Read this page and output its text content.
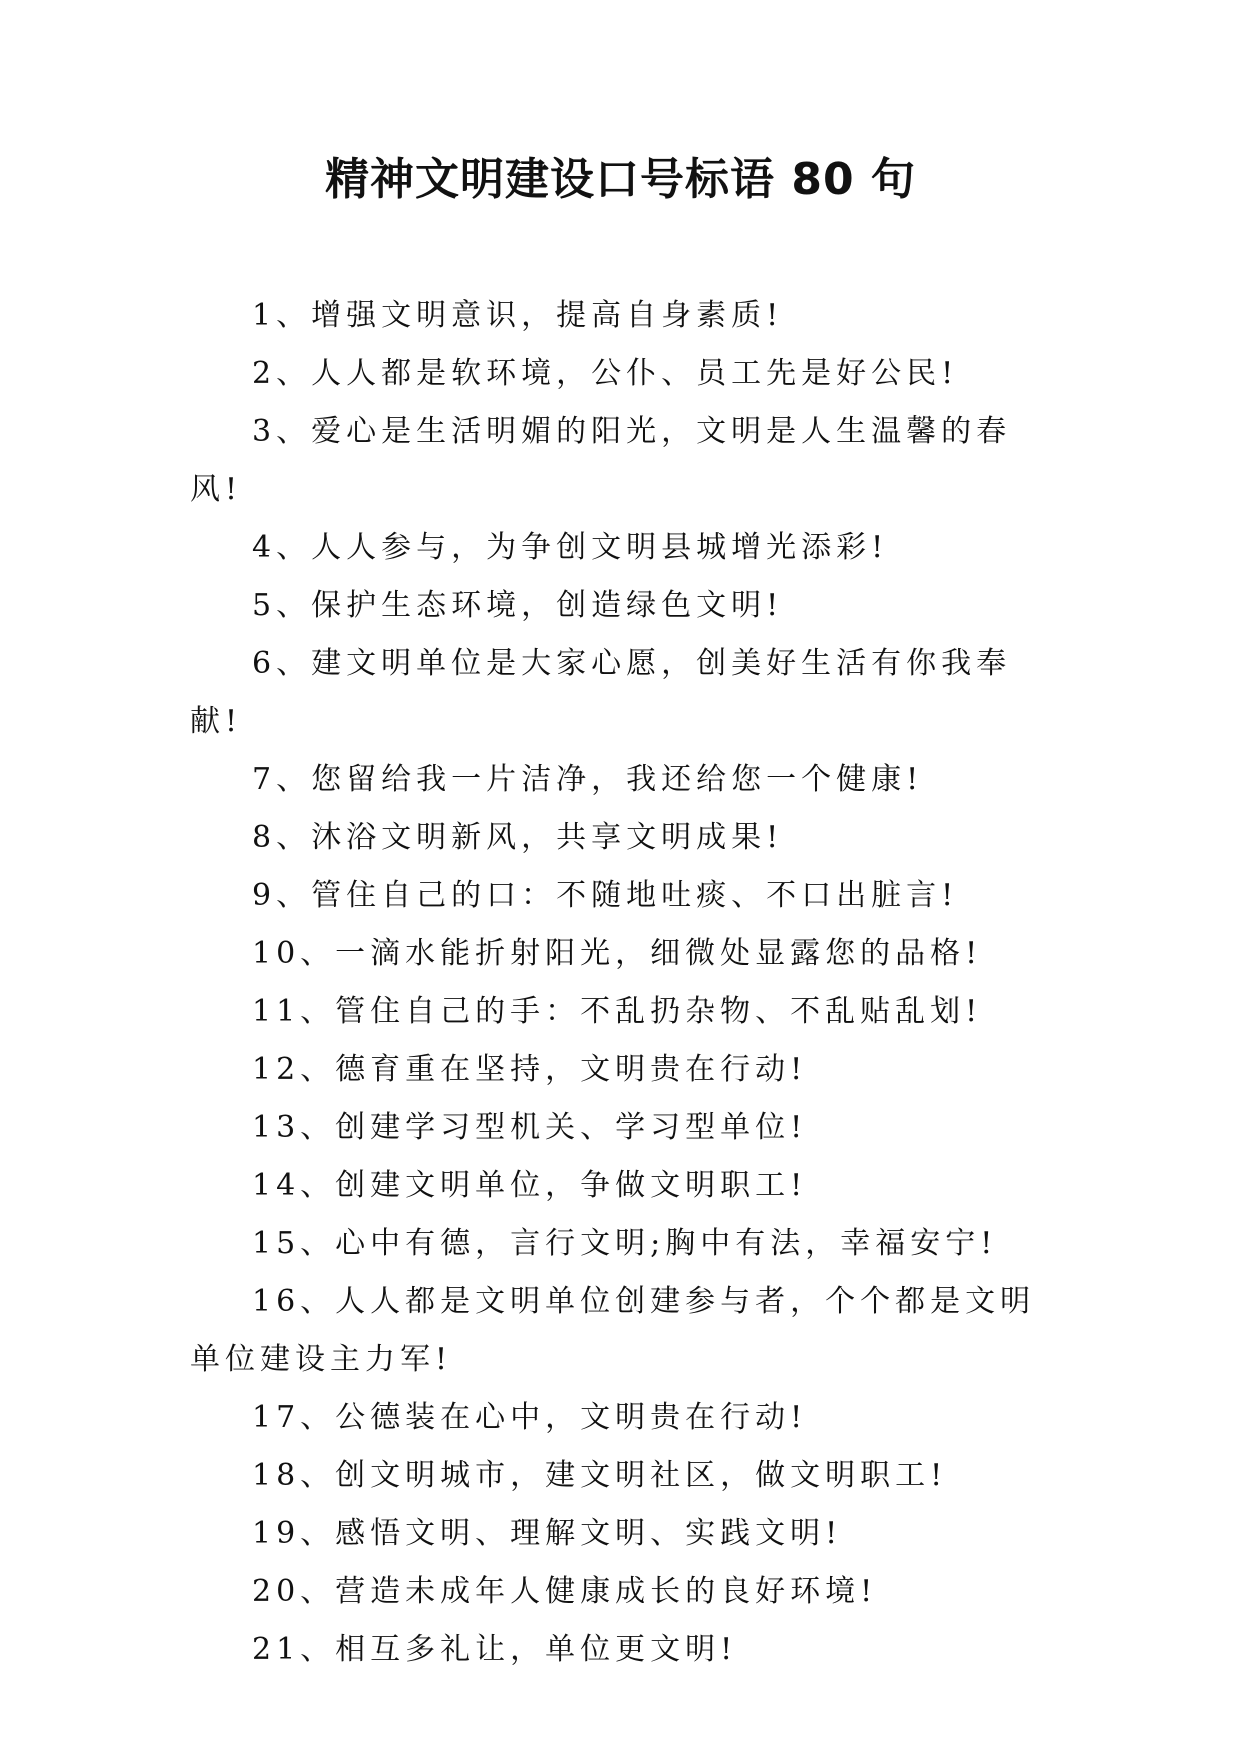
精神文明建设口号标语 80 句

1、增强文明意识，提高自身素质!

2、人人都是软环境，公仆、员工先是好公民!

3、爱心是生活明媚的阳光，文明是人生温馨的春风!

4、人人参与，为争创文明县城增光添彩!

5、保护生态环境，创造绿色文明!

6、建文明单位是大家心愿，创美好生活有你我奉献!

7、您留给我一片洁净，我还给您一个健康!

8、沐浴文明新风，共享文明成果!

9、管住自己的口：不随地吐痰、不口出脏言!

10、一滴水能折射阳光，细微处显露您的品格!

11、管住自己的手：不乱扔杂物、不乱贴乱划!

12、德育重在坚持，文明贵在行动!

13、创建学习型机关、学习型单位!

14、创建文明单位，争做文明职工!

15、心中有德，言行文明;胸中有法，幸福安宁!

16、人人都是文明单位创建参与者，个个都是文明单位建设主力军!

17、公德装在心中，文明贵在行动!

18、创文明城市，建文明社区，做文明职工!

19、感悟文明、理解文明、实践文明!

20、营造未成年人健康成长的良好环境!

21、相互多礼让，单位更文明!
